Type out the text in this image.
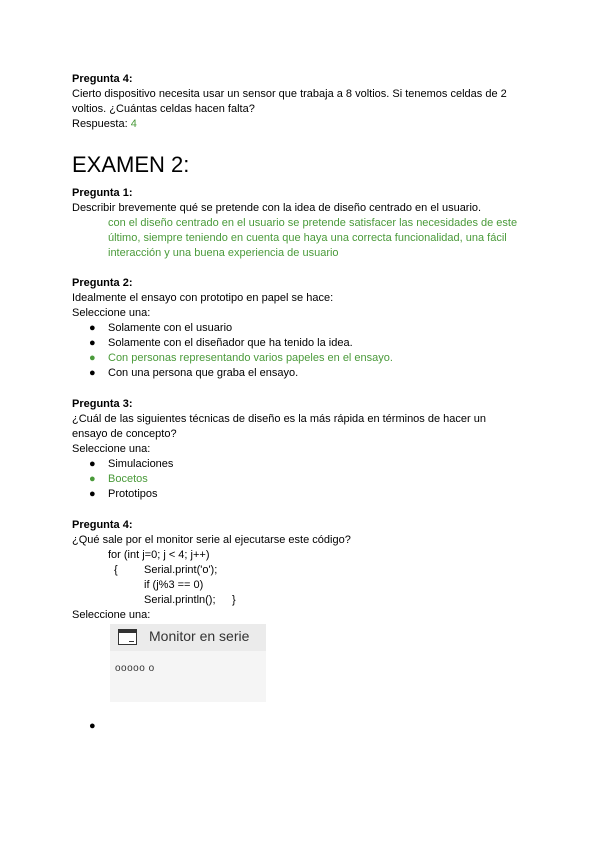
Pregunta 4:
Cierto dispositivo necesita usar un sensor que trabaja a 8 voltios. Si tenemos celdas de 2
voltios. ¿Cuántas celdas hacen falta?
Respuesta: 4
EXAMEN 2:
Pregunta 1:
Describir brevemente qué se pretende con la idea de diseño centrado en el usuario.
con el diseño centrado en el usuario se pretende satisfacer las necesidades de este
último, siempre teniendo en cuenta que haya una correcta funcionalidad, una fácil
interacción y una buena experiencia de usuario
Pregunta 2:
Idealmente el ensayo con prototipo en papel se hace:
Seleccione una:
● Solamente con el usuario
● Solamente con el diseñador que ha tenido la idea.
● Con personas representando varios papeles en el ensayo.
● Con una persona que graba el ensayo.
Pregunta 3:
¿Cuál de las siguientes técnicas de diseño es la más rápida en términos de hacer un
ensayo de concepto?
Seleccione una:
● Simulaciones
● Bocetos
● Prototipos
Pregunta 4:
¿Qué sale por el monitor serie al ejecutarse este código?
for (int j=0; j < 4; j++)
{ Serial.print('o');
if (j%3 == 0)
Serial.println(); }
Seleccione una:
Monitor en serie
ooooo o
●
